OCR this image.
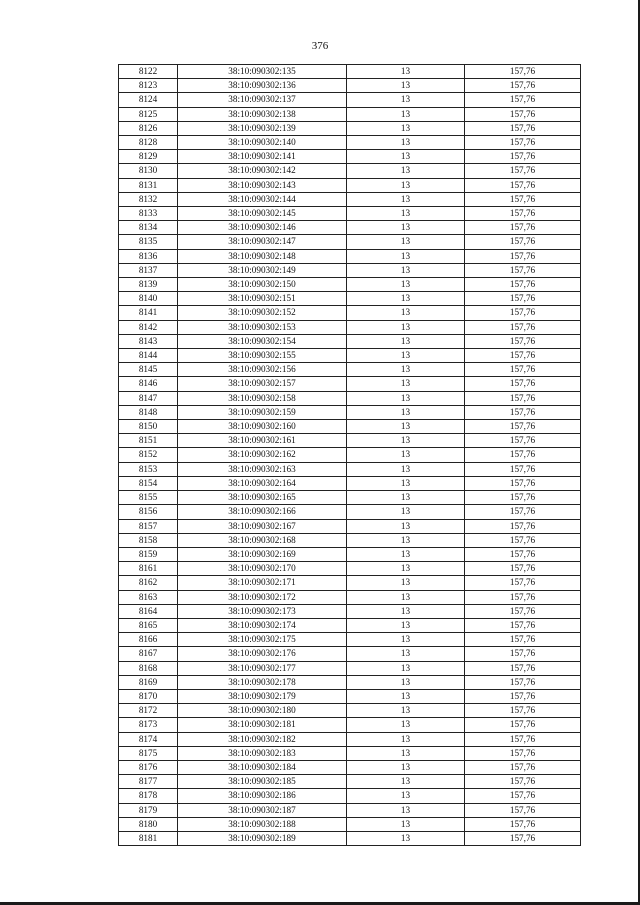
376
8122	38:10:090302:135	13	157,76
8123	38:10:090302:136	13	157,76
8124	38:10:090302:137	13	157,76
8125	38:10:090302:138	13	157,76
8126	38:10:090302:139	13	157,76
8128	38:10:090302:140	13	157,76
8129	38:10:090302:141	13	157,76
8130	38:10:090302:142	13	157,76
8131	38:10:090302:143	13	157,76
8132	38:10:090302:144	13	157,76
8133	38:10:090302:145	13	157,76
8134	38:10:090302:146	13	157,76
8135	38:10:090302:147	13	157,76
8136	38:10:090302:148	13	157,76
8137	38:10:090302:149	13	157,76
8139	38:10:090302:150	13	157,76
8140	38:10:090302:151	13	157,76
8141	38:10:090302:152	13	157,76
8142	38:10:090302:153	13	157,76
8143	38:10:090302:154	13	157,76
8144	38:10:090302:155	13	157,76
8145	38:10:090302:156	13	157,76
8146	38:10:090302:157	13	157,76
8147	38:10:090302:158	13	157,76
8148	38:10:090302:159	13	157,76
8150	38:10:090302:160	13	157,76
8151	38:10:090302:161	13	157,76
8152	38:10:090302:162	13	157,76
8153	38:10:090302:163	13	157,76
8154	38:10:090302:164	13	157,76
8155	38:10:090302:165	13	157,76
8156	38:10:090302:166	13	157,76
8157	38:10:090302:167	13	157,76
8158	38:10:090302:168	13	157,76
8159	38:10:090302:169	13	157,76
8161	38:10:090302:170	13	157,76
8162	38:10:090302:171	13	157,76
8163	38:10:090302:172	13	157,76
8164	38:10:090302:173	13	157,76
8165	38:10:090302:174	13	157,76
8166	38:10:090302:175	13	157,76
8167	38:10:090302:176	13	157,76
8168	38:10:090302:177	13	157,76
8169	38:10:090302:178	13	157,76
8170	38:10:090302:179	13	157,76
8172	38:10:090302:180	13	157,76
8173	38:10:090302:181	13	157,76
8174	38:10:090302:182	13	157,76
8175	38:10:090302:183	13	157,76
8176	38:10:090302:184	13	157,76
8177	38:10:090302:185	13	157,76
8178	38:10:090302:186	13	157,76
8179	38:10:090302:187	13	157,76
8180	38:10:090302:188	13	157,76
8181	38:10:090302:189	13	157,76
